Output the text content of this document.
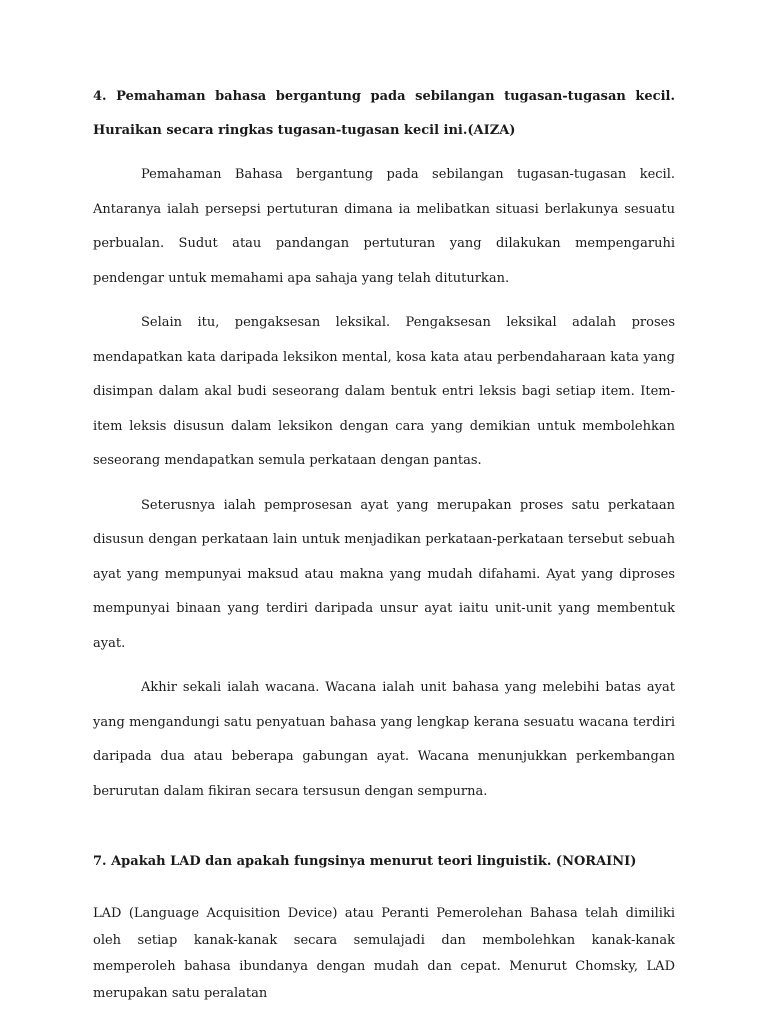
4. Pemahaman bahasa bergantung pada sebilangan tugasan-tugasan kecil. Huraikan secara ringkas tugasan-tugasan kecil ini.(AIZA)

Pemahaman Bahasa bergantung pada sebilangan tugasan-tugasan kecil. Antaranya ialah persepsi pertuturan dimana ia melibatkan situasi berlakunya sesuatu perbualan. Sudut atau pandangan pertuturan yang dilakukan mempengaruhi pendengar untuk memahami apa sahaja yang telah dituturkan.

Selain itu, pengaksesan leksikal. Pengaksesan leksikal adalah proses mendapatkan kata daripada leksikon mental, kosa kata atau perbendaharaan kata yang disimpan dalam akal budi seseorang dalam bentuk entri leksis bagi setiap item. Item-item leksis disusun dalam leksikon dengan cara yang demikian untuk membolehkan seseorang mendapatkan semula perkataan dengan pantas.

Seterusnya ialah pemprosesan ayat yang merupakan proses satu perkataan disusun dengan perkataan lain untuk menjadikan perkataan-perkataan tersebut sebuah ayat yang mempunyai maksud atau makna yang mudah difahami. Ayat yang diproses mempunyai binaan yang terdiri daripada unsur ayat iaitu unit-unit yang membentuk ayat.

Akhir sekali ialah wacana. Wacana ialah unit bahasa yang melebihi batas ayat yang mengandungi satu penyatuan bahasa yang lengkap kerana sesuatu wacana terdiri daripada dua atau beberapa gabungan ayat. Wacana menunjukkan perkembangan berurutan dalam fikiran secara tersusun dengan sempurna.

7. Apakah LAD dan apakah fungsinya menurut teori linguistik. (NORAINI)

LAD (Language Acquisition Device) atau Peranti Pemerolehan Bahasa telah dimiliki oleh setiap kanak-kanak secara semulajadi dan membolehkan kanak-kanak memperoleh bahasa ibundanya dengan mudah dan cepat. Menurut Chomsky, LAD merupakan satu peralatan
